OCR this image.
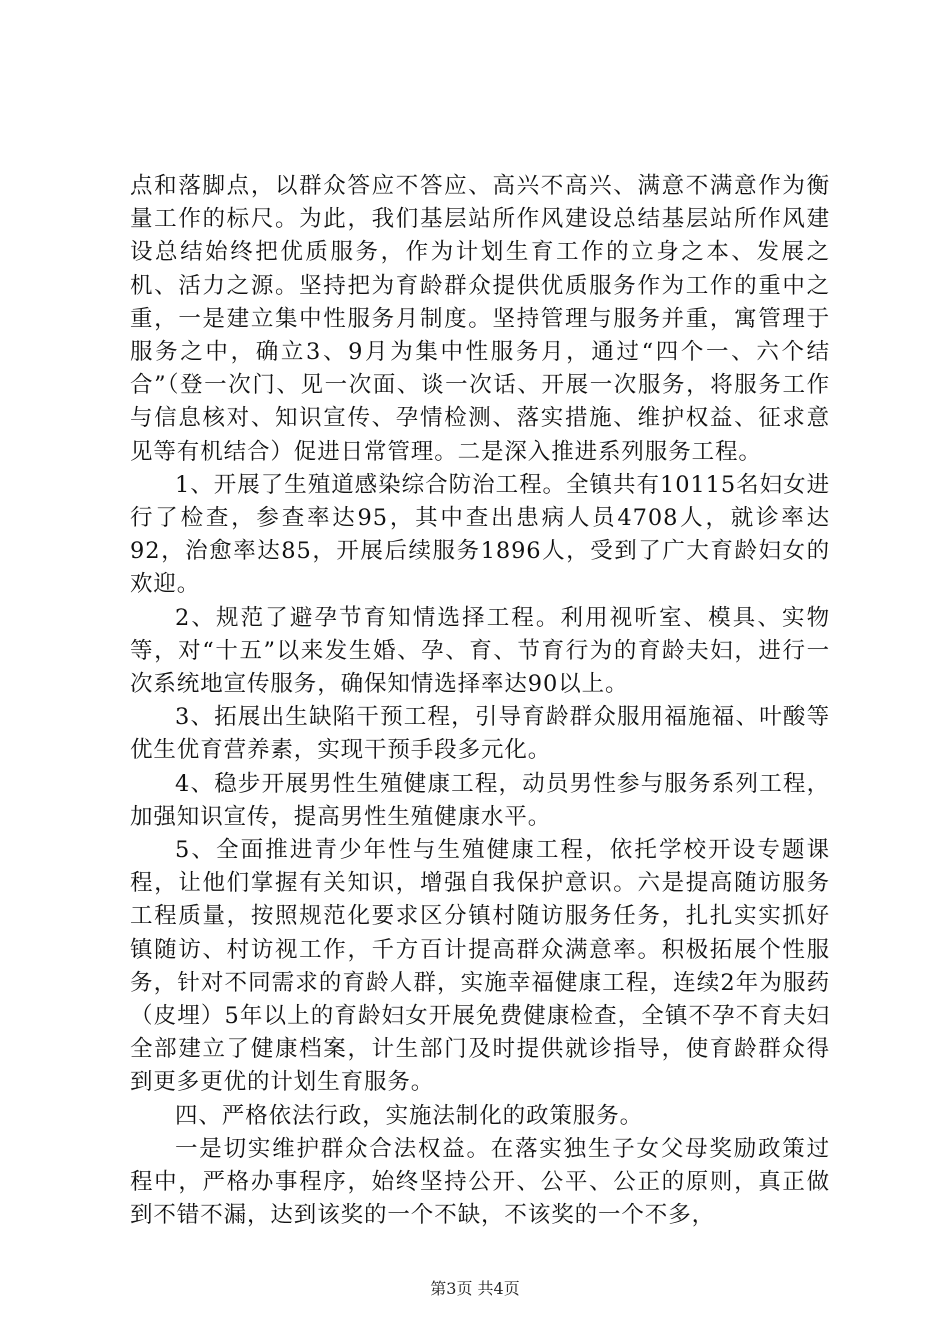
点和落脚点，以群众答应不答应、高兴不高兴、满意不满意作为衡量工作的标尺。为此，我们基层站所作风建设总结基层站所作风建设总结始终把优质服务，作为计划生育工作的立身之本、发展之机、活力之源。坚持把为育龄群众提供优质服务作为工作的重中之重，一是建立集中性服务月制度。坚持管理与服务并重，寓管理于服务之中，确立3、9月为集中性服务月，通过“四个一、六个结合”（登一次门、见一次面、谈一次话、开展一次服务，将服务工作与信息核对、知识宣传、孕情检测、落实措施、维护权益、征求意见等有机结合）促进日常管理。二是深入推进系列服务工程。

1、开展了生殖道感染综合防治工程。全镇共有10115名妇女进行了检查，参查率达95，其中查出患病人员4708人，就诊率达92，治愈率达85，开展后续服务1896人，受到了广大育龄妇女的欢迎。

2、规范了避孕节育知情选择工程。利用视听室、模具、实物等，对“十五”以来发生婚、孕、育、节育行为的育龄夫妇，进行一次系统地宣传服务，确保知情选择率达90以上。

3、拓展出生缺陷干预工程，引导育龄群众服用福施福、叶酸等优生优育营养素，实现干预手段多元化。

4、稳步开展男性生殖健康工程，动员男性参与服务系列工程，加强知识宣传，提高男性生殖健康水平。

5、全面推进青少年性与生殖健康工程，依托学校开设专题课程，让他们掌握有关知识，增强自我保护意识。六是提高随访服务工程质量，按照规范化要求区分镇村随访服务任务，扎扎实实抓好镇随访、村访视工作，千方百计提高群众满意率。积极拓展个性服务，针对不同需求的育龄人群，实施幸福健康工程，连续2年为服药（皮埋）5年以上的育龄妇女开展免费健康检查，全镇不孕不育夫妇全部建立了健康档案，计生部门及时提供就诊指导，使育龄群众得到更多更优的计划生育服务。

四、严格依法行政，实施法制化的政策服务。

一是切实维护群众合法权益。在落实独生子女父母奖励政策过程中，严格办事程序，始终坚持公开、公平、公正的原则，真正做到不错不漏，达到该奖的一个不缺，不该奖的一个不多，

第3页 共4页
